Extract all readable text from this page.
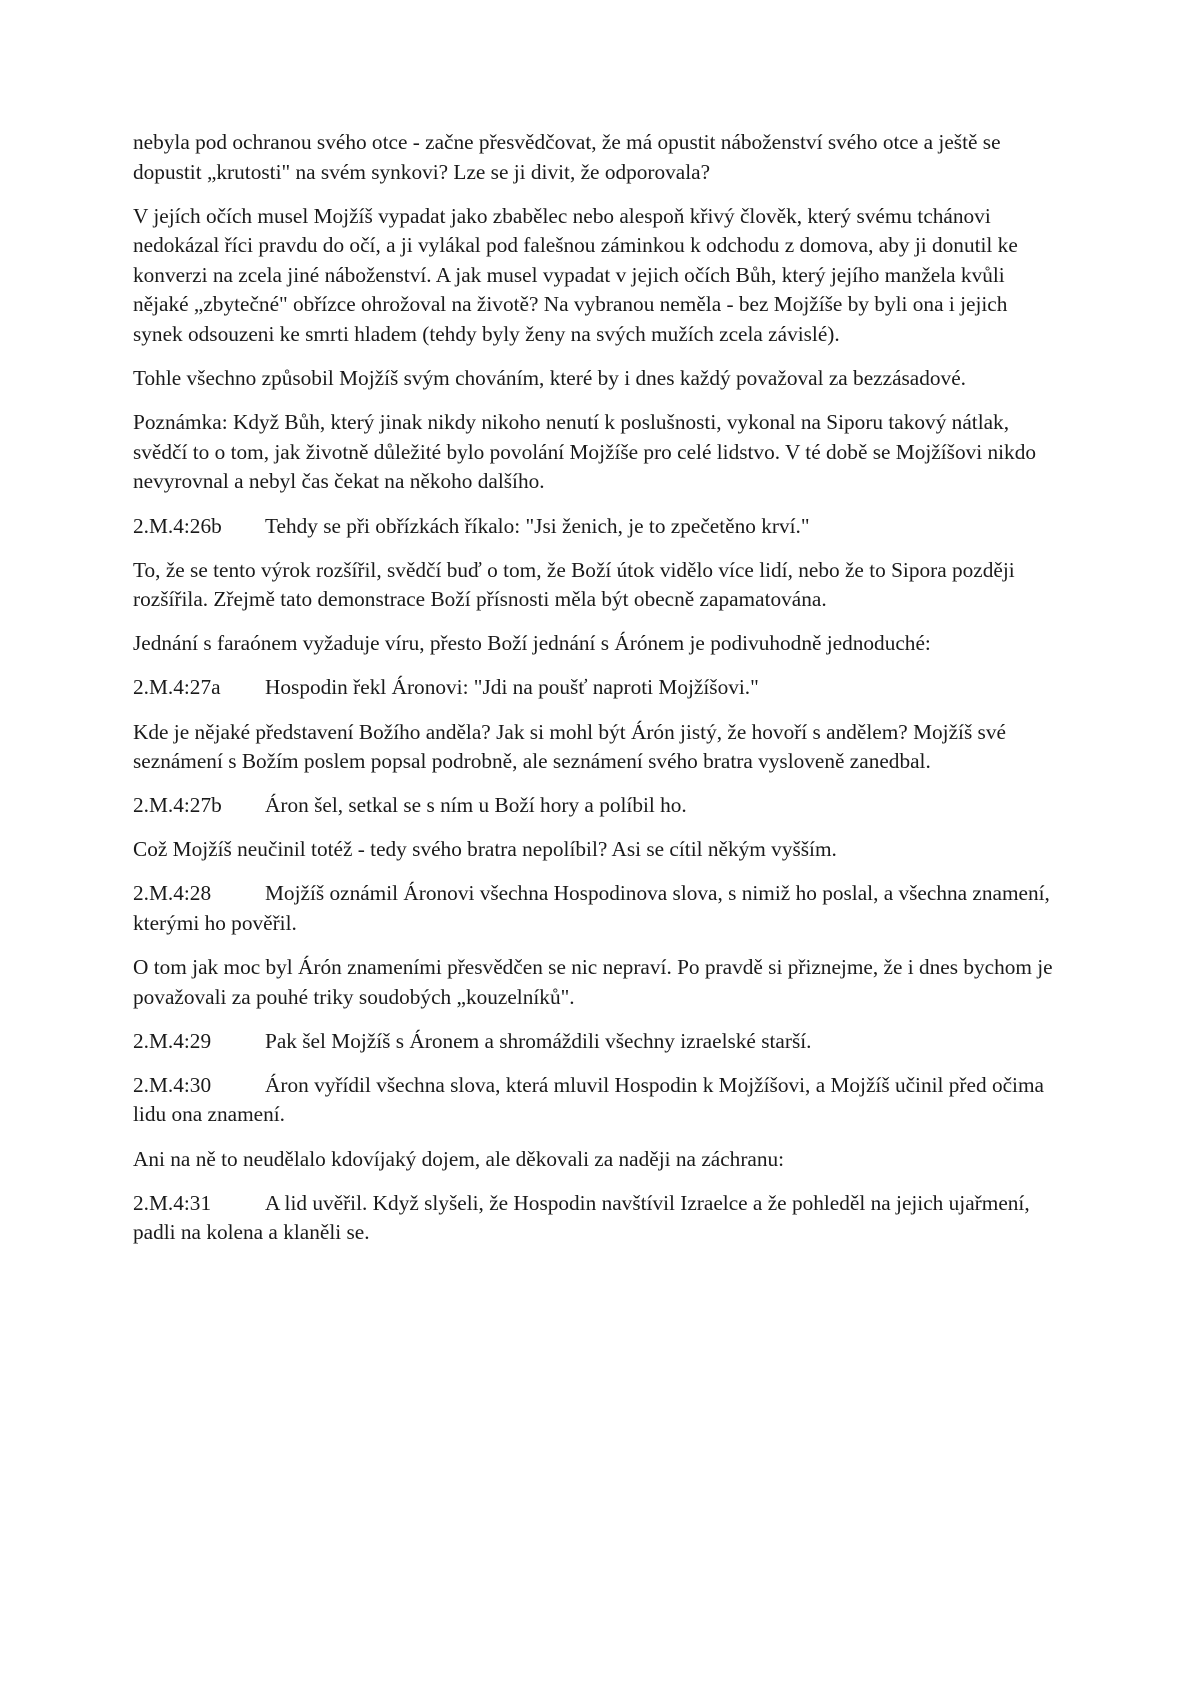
nebyla pod ochranou svého otce - začne přesvědčovat, že má opustit náboženství svého otce a ještě se dopustit „krutosti" na svém synkovi? Lze se ji divit, že odporovala?

V jejích očích musel Mojžíš vypadat jako zbabělec nebo alespoň křivý člověk, který svému tchánovi nedokázal říci pravdu do očí, a ji vylákal pod falešnou záminkou k odchodu z domova, aby ji donutil ke konverzi na zcela jiné náboženství. A jak musel vypadat v jejich očích Bůh, který jejího manžela kvůli nějaké „zbytečné" obřízce ohrožoval na životě? Na vybranou neměla - bez Mojžíše by byli ona i jejich synek odsouzeni ke smrti hladem (tehdy byly ženy na svých mužích zcela závislé).

Tohle všechno způsobil Mojžíš svým chováním, které by i dnes každý považoval za bezzásadové.

Poznámka: Když Bůh, který jinak nikdy nikoho nenutí k poslušnosti, vykonal na Siporu takový nátlak, svědčí to o tom, jak životně důležité bylo povolání Mojžíše pro celé lidstvo. V té době se Mojžíšovi nikdo nevyrovnal a nebyl čas čekat na někoho dalšího.

2.M.4:26b Tehdy se při obřízkách říkalo: "Jsi ženich, je to zpečetěno krví."

To, že se tento výrok rozšířil, svědčí buď o tom, že Boží útok vidělo více lidí, nebo že to Sipora později rozšířila. Zřejmě tato demonstrace Boží přísnosti měla být obecně zapamatována.

Jednání s faraónem vyžaduje víru, přesto Boží jednání s Árónem je podivuhodně jednoduché:

2.M.4:27a Hospodin řekl Áronovi: "Jdi na poušť naproti Mojžíšovi."

Kde je nějaké představení Božího anděla? Jak si mohl být Árón jistý, že hovoří s andělem? Mojžíš své seznámení s Božím poslem popsal podrobně, ale seznámení svého bratra vysloveně zanedbal.

2.M.4:27b Áron šel, setkal se s ním u Boží hory a políbil ho.

Což Mojžíš neučinil totéž - tedy svého bratra nepolíbil? Asi se cítil někým vyšším.

2.M.4:28	Mojžíš oznámil Áronovi všechna Hospodinova slova, s nimiž ho poslal, a všechna znamení, kterými ho pověřil.

O tom jak moc byl Árón znameními přesvědčen se nic nepraví. Po pravdě si přiznejme, že i dnes bychom je považovali za pouhé triky soudobých „kouzelníků".

2.M.4:29	Pak šel Mojžíš s Áronem a shromáždili všechny izraelské starší.

2.M.4:30	Áron vyřídil všechna slova, která mluvil Hospodin k Mojžíšovi, a Mojžíš učinil před očima lidu ona znamení.

Ani na ně to neudělalo kdovíjaký dojem, ale děkovali za naději na záchranu:

2.M.4:31	A lid uvěřil. Když slyšeli, že Hospodin navštívil Izraelce a že pohleděl na jejich ujařmení, padli na kolena a klaněli se.
